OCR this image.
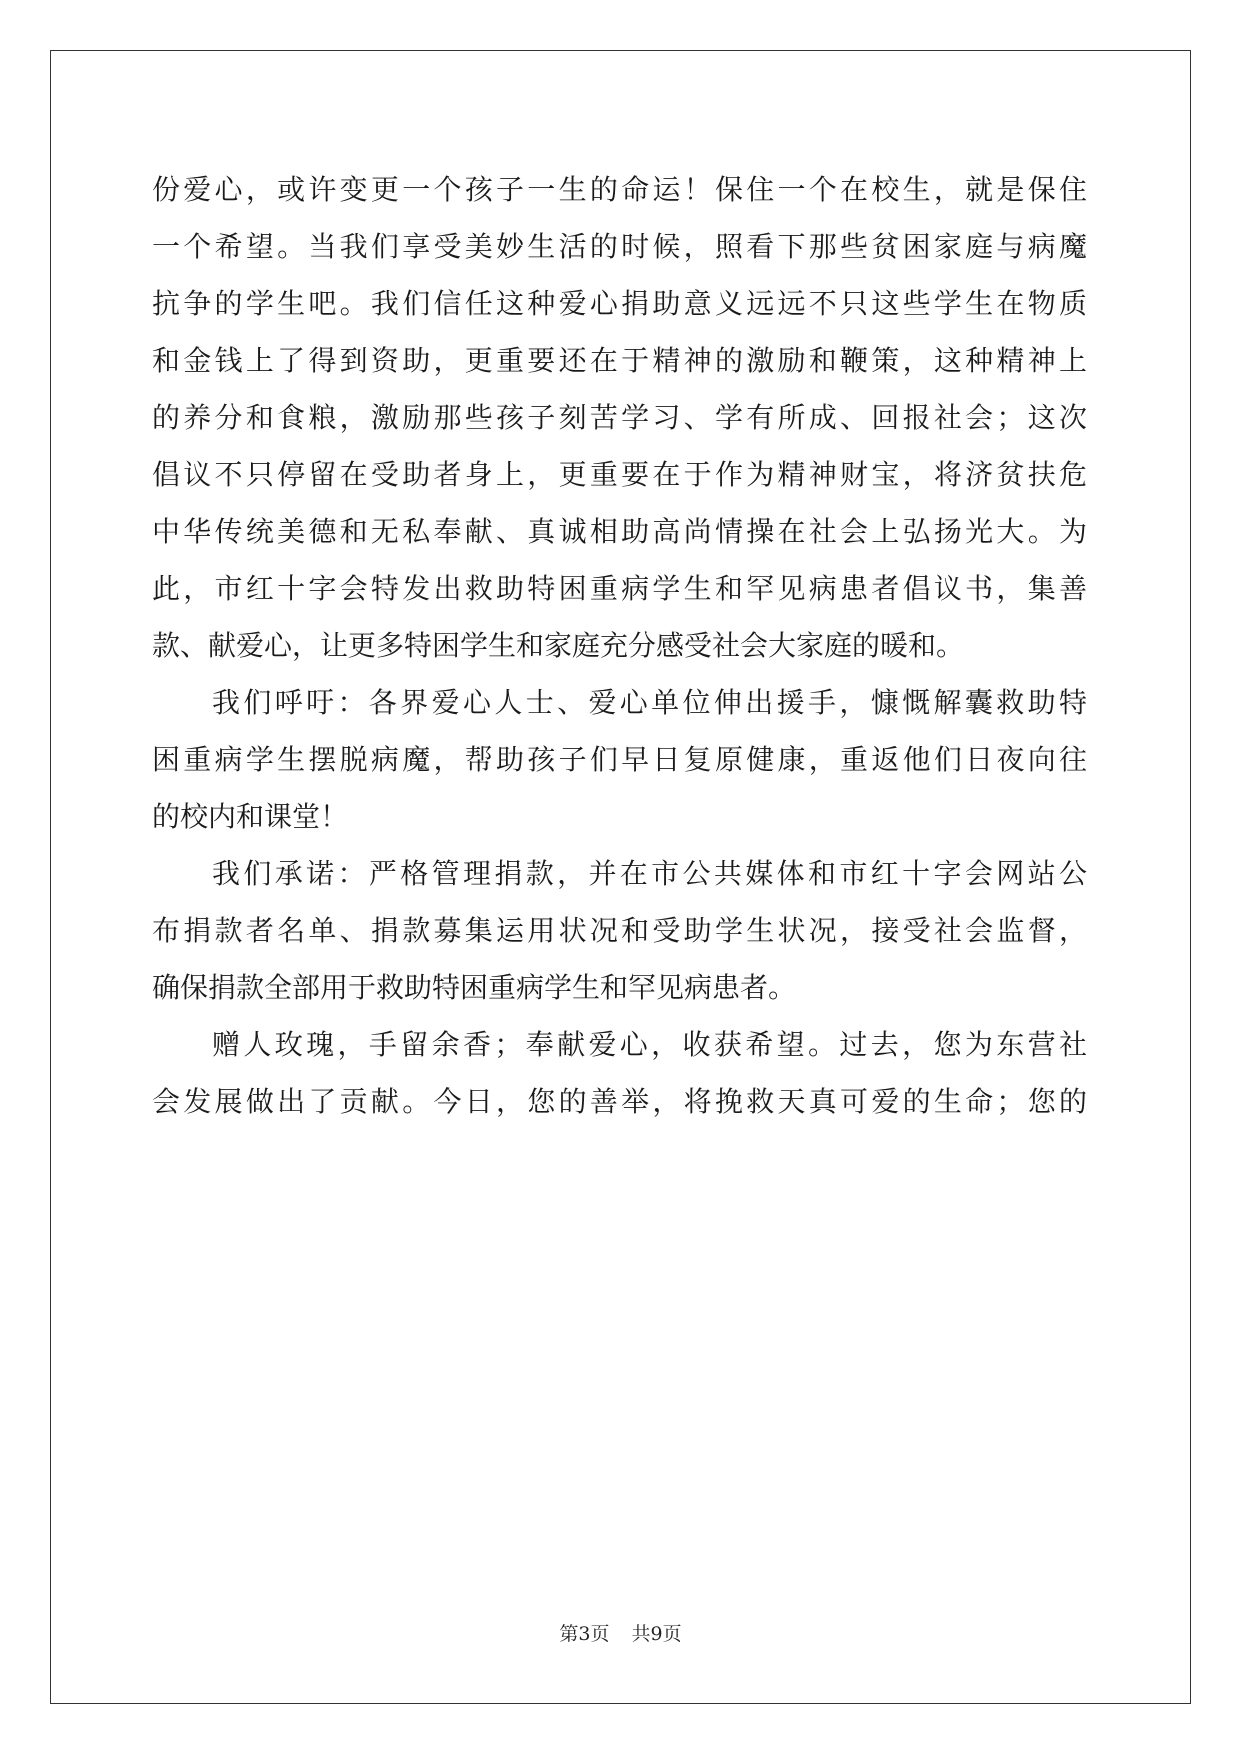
份爱心，或许变更一个孩子一生的命运！保住一个在校生，就是保住
一个希望。当我们享受美妙生活的时候，照看下那些贫困家庭与病魔
抗争的学生吧。我们信任这种爱心捐助意义远远不只这些学生在物质
和金钱上了得到资助，更重要还在于精神的激励和鞭策，这种精神上
的养分和食粮，激励那些孩子刻苦学习、学有所成、回报社会；这次
倡议不只停留在受助者身上，更重要在于作为精神财宝，将济贫扶危
中华传统美德和无私奉献、真诚相助高尚情操在社会上弘扬光大。为
此，市红十字会特发出救助特困重病学生和罕见病患者倡议书，集善
款、献爱心，让更多特困学生和家庭充分感受社会大家庭的暖和。
我们呼吁：各界爱心人士、爱心单位伸出援手，慷慨解囊救助特
困重病学生摆脱病魔，帮助孩子们早日复原健康，重返他们日夜向往
的校内和课堂！
我们承诺：严格管理捐款，并在市公共媒体和市红十字会网站公
布捐款者名单、捐款募集运用状况和受助学生状况，接受社会监督，
确保捐款全部用于救助特困重病学生和罕见病患者。
赠人玫瑰，手留余香；奉献爱心，收获希望。过去，您为东营社
会发展做出了贡献。今日，您的善举，将挽救天真可爱的生命；您的
第3页 共9页
